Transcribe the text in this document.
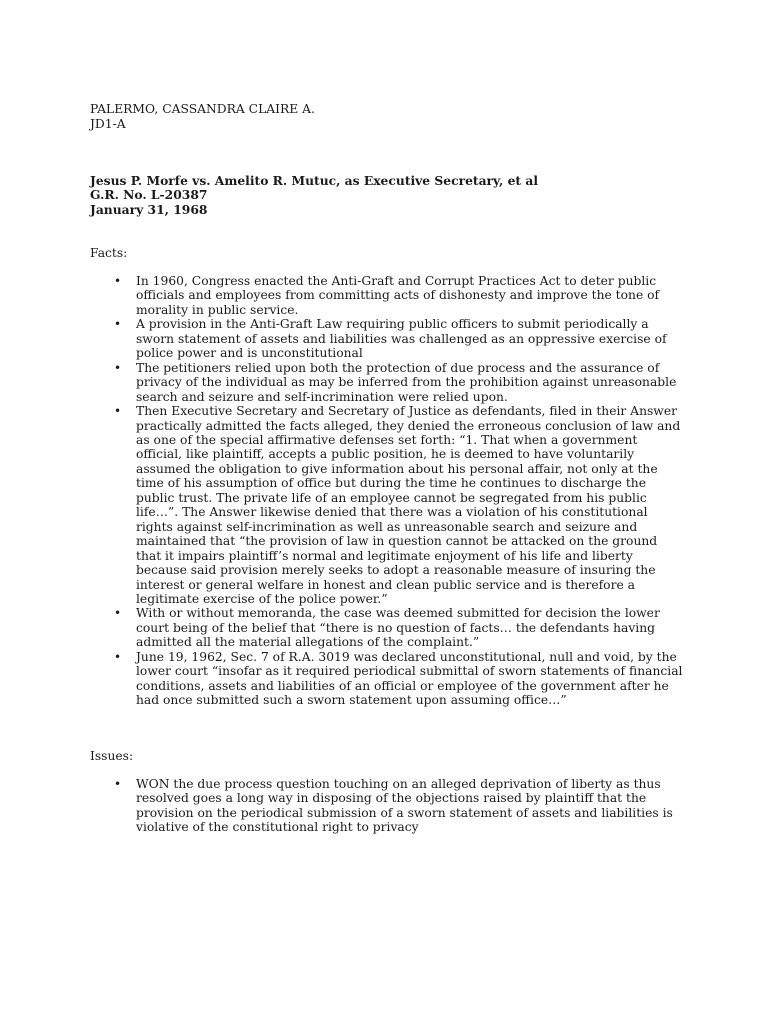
PALERMO, CASSANDRA CLAIRE A.

JD1-A

Jesus P. Morfe vs. Amelito R. Mutuc, as Executive Secretary, et al

G.R. No. L-20387

January 31, 1968

Facts:

• In 1960, Congress enacted the Anti-Graft and Corrupt Practices Act to deter public officials and employees from committing acts of dishonesty and improve the tone of morality in public service.
• A provision in the Anti-Graft Law requiring public officers to submit periodically a sworn statement of assets and liabilities was challenged as an oppressive exercise of police power and is unconstitutional
• The petitioners relied upon both the protection of due process and the assurance of privacy of the individual as may be inferred from the prohibition against unreasonable search and seizure and self-incrimination were relied upon.
• Then Executive Secretary and Secretary of Justice as defendants, filed in their Answer practically admitted the facts alleged, they denied the erroneous conclusion of law and as one of the special affirmative defenses set forth: “1. That when a government official, like plaintiff, accepts a public position, he is deemed to have voluntarily assumed the obligation to give information about his personal affair, not only at the time of his assumption of office but during the time he continues to discharge the public trust. The private life of an employee cannot be segregated from his public life…”. The Answer likewise denied that there was a violation of his constitutional rights against self-incrimination as well as unreasonable search and seizure and maintained that “the provision of law in question cannot be attacked on the ground that it impairs plaintiff’s normal and legitimate enjoyment of his life and liberty because said provision merely seeks to adopt a reasonable measure of insuring the interest or general welfare in honest and clean public service and is therefore a legitimate exercise of the police power.”
• With or without memoranda, the case was deemed submitted for decision the lower court being of the belief that “there is no question of facts… the defendants having admitted all the material allegations of the complaint.”
• June 19, 1962, Sec. 7 of R.A. 3019 was declared unconstitutional, null and void, by the lower court “insofar as it required periodical submittal of sworn statements of financial conditions, assets and liabilities of an official or employee of the government after he had once submitted such a sworn statement upon assuming office…”

Issues:

• WON the due process question touching on an alleged deprivation of liberty as thus resolved goes a long way in disposing of the objections raised by plaintiff that the provision on the periodical submission of a sworn statement of assets and liabilities is violative of the constitutional right to privacy
